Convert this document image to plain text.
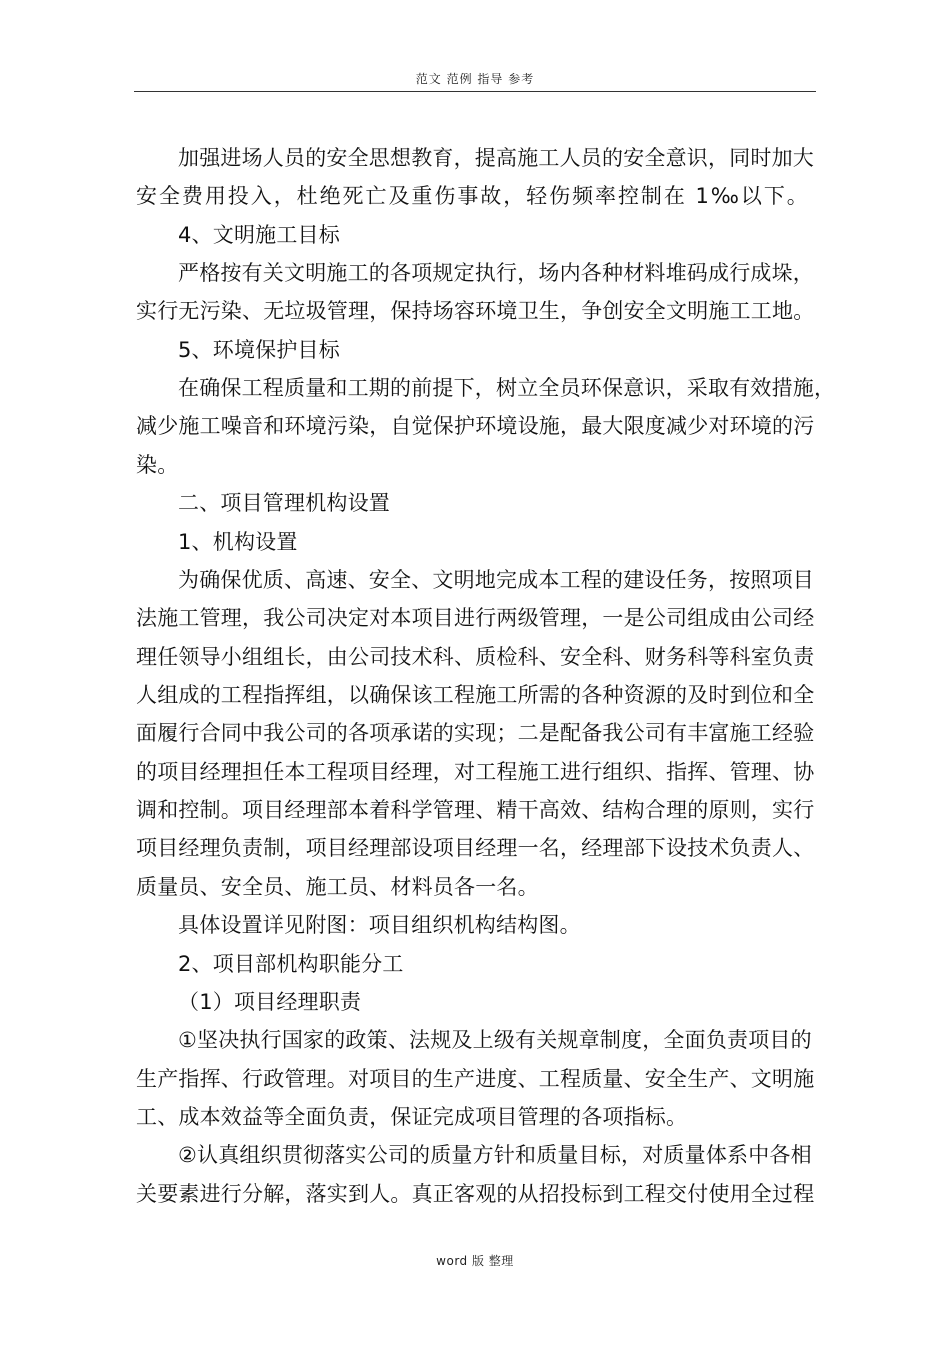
范文 范例 指导 参考
加强进场人员的安全思想教育，提高施工人员的安全意识，同时加大
安全费用投入，杜绝死亡及重伤事故，轻伤频率控制在 1‰以下。
4、文明施工目标
严格按有关文明施工的各项规定执行，场内各种材料堆码成行成垛，
实行无污染、无垃圾管理，保持场容环境卫生，争创安全文明施工工地。
5、环境保护目标
在确保工程质量和工期的前提下，树立全员环保意识，采取有效措施，
减少施工噪音和环境污染，自觉保护环境设施，最大限度减少对环境的污
染。
二、项目管理机构设置
1、机构设置
为确保优质、高速、安全、文明地完成本工程的建设任务，按照项目
法施工管理，我公司决定对本项目进行两级管理，一是公司组成由公司经
理任领导小组组长，由公司技术科、质检科、安全科、财务科等科室负责
人组成的工程指挥组，以确保该工程施工所需的各种资源的及时到位和全
面履行合同中我公司的各项承诺的实现；二是配备我公司有丰富施工经验
的项目经理担任本工程项目经理，对工程施工进行组织、指挥、管理、协
调和控制。项目经理部本着科学管理、精干高效、结构合理的原则，实行
项目经理负责制，项目经理部设项目经理一名，经理部下设技术负责人、
质量员、安全员、施工员、材料员各一名。
具体设置详见附图：项目组织机构结构图。
2、项目部机构职能分工
（1）项目经理职责
①坚决执行国家的政策、法规及上级有关规章制度，全面负责项目的
生产指挥、行政管理。对项目的生产进度、工程质量、安全生产、文明施
工、成本效益等全面负责，保证完成项目管理的各项指标。
②认真组织贯彻落实公司的质量方针和质量目标，对质量体系中各相
关要素进行分解，落实到人。真正客观的从招投标到工程交付使用全过程
word 版 整理
